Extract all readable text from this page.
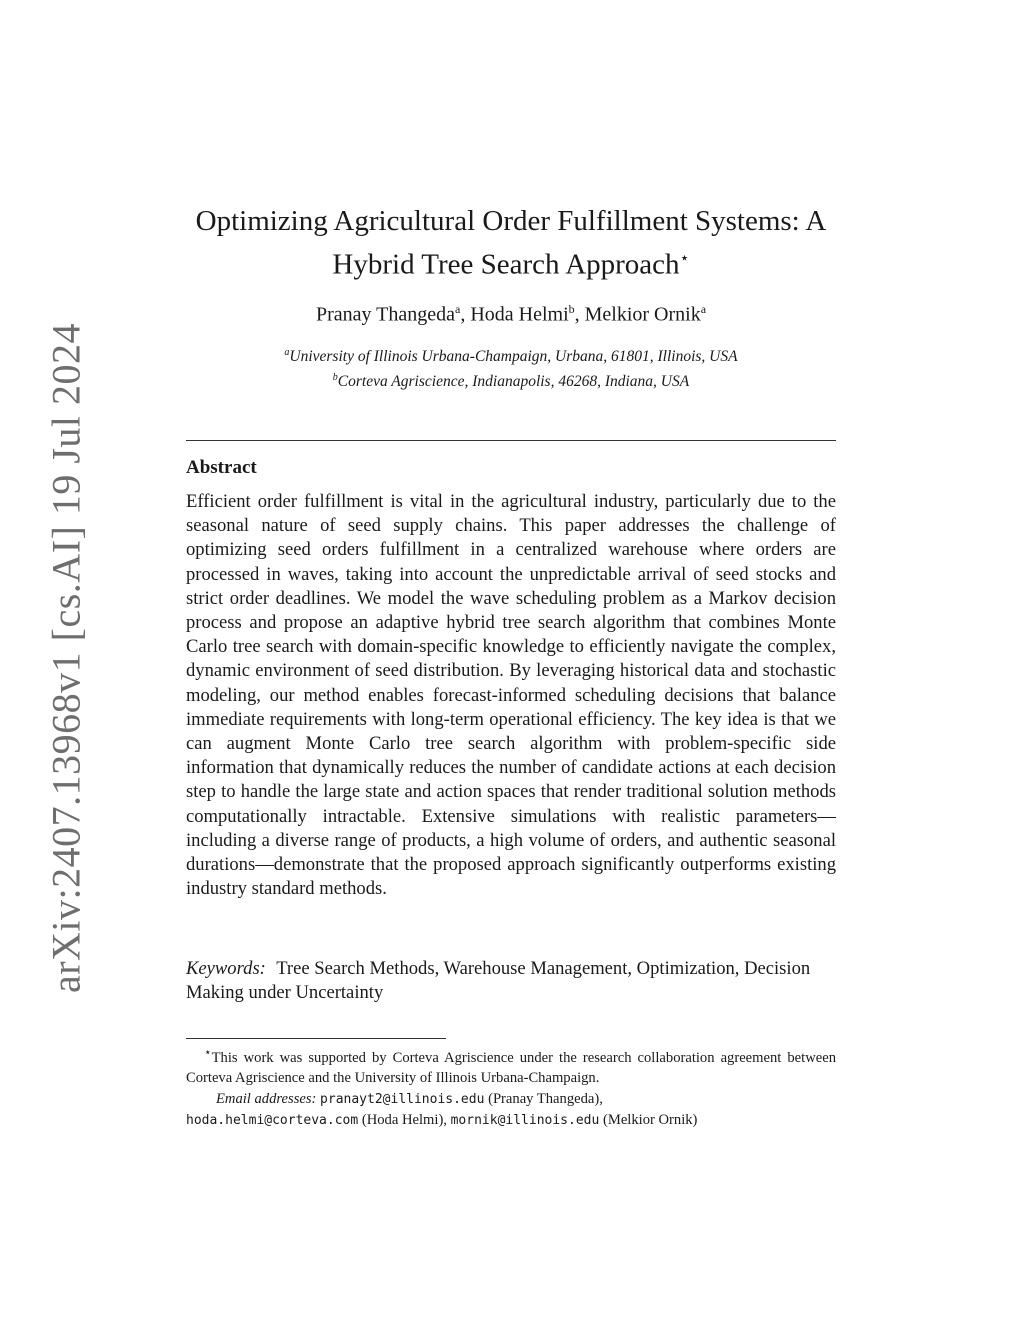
arXiv:2407.13968v1 [cs.AI] 19 Jul 2024
Optimizing Agricultural Order Fulfillment Systems: A
Hybrid Tree Search Approach⋆
Pranay Thangeda$^a$, Hoda Helmi$^b$, Melkior Ornik$^a$
$^a$University of Illinois Urbana-Champaign, Urbana, 61801, Illinois, USA
$^b$Corteva Agriscience, Indianapolis, 46268, Indiana, USA
Abstract
Efficient order fulfillment is vital in the agricultural industry, particularly due to the seasonal nature of seed supply chains. This paper addresses the challenge of optimizing seed orders fulfillment in a centralized warehouse where orders are processed in waves, taking into account the unpredictable arrival of seed stocks and strict order deadlines. We model the wave scheduling problem as a Markov decision process and propose an adaptive hybrid tree search algorithm that combines Monte Carlo tree search with domain-specific knowledge to efficiently navigate the complex, dynamic environment of seed distribution. By leveraging historical data and stochastic modeling, our method enables forecast-informed scheduling decisions that balance immediate requirements with long-term operational efficiency. The key idea is that we can augment Monte Carlo tree search algorithm with problem-specific side information that dynamically reduces the number of candidate actions at each decision step to handle the large state and action spaces that render traditional solution methods computationally intractable. Extensive simulations with realistic parameters—including a diverse range of products, a high volume of orders, and authentic seasonal durations—demonstrate that the proposed approach significantly outperforms existing industry standard methods.
Keywords: Tree Search Methods, Warehouse Management, Optimization, Decision Making under Uncertainty

⋆This work was supported by Corteva Agriscience under the research collaboration agreement between Corteva Agriscience and the University of Illinois Urbana-Champaign.

Email addresses: pranayt2@illinois.edu (Pranay Thangeda),

hoda.helmi@corteva.com (Hoda Helmi), mornik@illinois.edu (Melkior Ornik)
